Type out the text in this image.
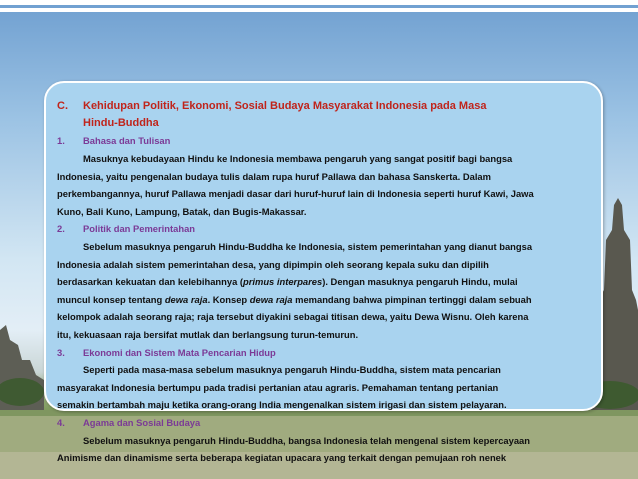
C. Kehidupan Politik, Ekonomi, Sosial Budaya Masyarakat Indonesia pada Masa Hindu-Buddha

1. Bahasa dan Tulisan

Masuknya kebudayaan Hindu ke Indonesia membawa pengaruh yang sangat positif bagi bangsa

Indonesia, yaitu pengenalan budaya tulis dalam rupa huruf Pallawa dan bahasa Sanskerta. Dalam

perkembangannya, huruf Pallawa menjadi dasar dari huruf-huruf lain di Indonesia seperti huruf Kawi, Jawa

Kuno, Bali Kuno, Lampung, Batak, dan Bugis-Makassar.

2. Politik dan Pemerintahan

Sebelum masuknya pengaruh Hindu-Buddha ke Indonesia, sistem pemerintahan yang dianut bangsa

Indonesia adalah sistem pemerintahan desa, yang dipimpin oleh seorang kepala suku dan dipilih

berdasarkan kekuatan dan kelebihannya (primus interpares). Dengan masuknya pengaruh Hindu, mulai

muncul konsep tentang dewa raja. Konsep dewa raja memandang bahwa pimpinan tertinggi dalam sebuah

kelompok adalah seorang raja; raja tersebut diyakini sebagai titisan dewa, yaitu Dewa Wisnu. Oleh karena

itu, kekuasaan raja bersifat mutlak dan berlangsung turun-temurun.

3. Ekonomi dan Sistem Mata Pencarian Hidup

Seperti pada masa-masa sebelum masuknya pengaruh Hindu-Buddha, sistem mata pencarian

masyarakat Indonesia bertumpu pada tradisi pertanian atau agraris. Pemahaman tentang pertanian

semakin bertambah maju ketika orang-orang India mengenalkan sistem irigasi dan sistem pelayaran.

4. Agama dan Sosial Budaya

Sebelum masuknya pengaruh Hindu-Buddha, bangsa Indonesia telah mengenal sistem kepercayaan

Animisme dan dinamisme serta beberapa kegiatan upacara yang terkait dengan pemujaan roh nenek
